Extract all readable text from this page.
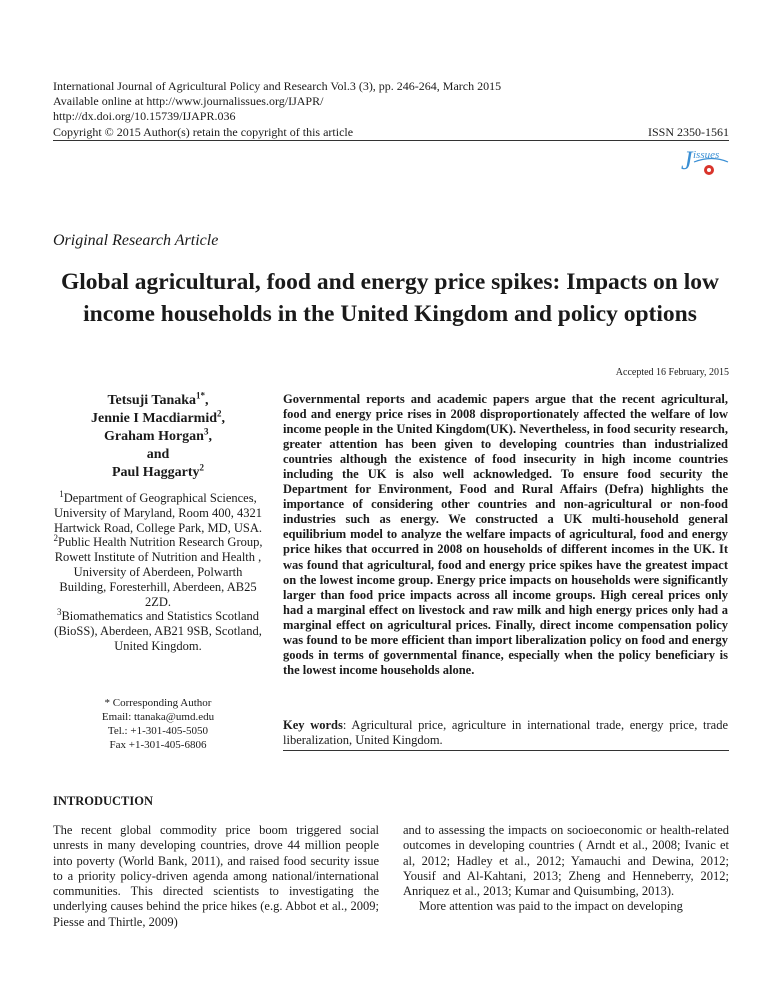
International Journal of Agricultural Policy and Research Vol.3 (3), pp. 246-264, March 2015
Available online at http://www.journalissues.org/IJAPR/
http://dx.doi.org/10.15739/IJAPR.036
Copyright © 2015 Author(s) retain the copyright of this article	ISSN 2350-1561
J issues
Original Research Article
Global agricultural, food and energy price spikes: Impacts on low income households in the United Kingdom and policy options
Accepted 16 February, 2015
Tetsuji Tanaka$^{1*}$,
Jennie I Macdiarmid$^2$,
Graham Horgan$^3$,
and
Paul Haggarty$^2$
$^1$Department of Geographical Sciences, University of Maryland, Room 400, 4321 Hartwick Road, College Park, MD, USA.
$^2$Public Health Nutrition Research Group, Rowett Institute of Nutrition and Health , University of Aberdeen, Polwarth Building, Foresterhill, Aberdeen, AB25 2ZD.
$^3$Biomathematics and Statistics Scotland (BioSS), Aberdeen, AB21 9SB, Scotland, United Kingdom.
* Corresponding Author
Email: ttanaka@umd.edu
Tel.: +1-301-405-5050
Fax +1-301-405-6806
Governmental reports and academic papers argue that the recent agricultural, food and energy price rises in 2008 disproportionately affected the welfare of low income people in the United Kingdom(UK). Nevertheless, in food security research, greater attention has been given to developing countries than industrialized countries although the existence of food insecurity in high income countries including the UK is also well acknowledged. To ensure food security the Department for Environment, Food and Rural Affairs (Defra) highlights the importance of considering other countries and non-agricultural or non-food industries such as energy. We constructed a UK multi-household general equilibrium model to analyze the welfare impacts of agricultural, food and energy price hikes that occurred in 2008 on households of different incomes in the UK. It was found that agricultural, food and energy price spikes have the greatest impact on the lowest income group. Energy price impacts on households were significantly larger than food price impacts across all income groups. High cereal prices only had a marginal effect on livestock and raw milk and high energy prices only had a marginal effect on agricultural prices. Finally, direct income compensation policy was found to be more efficient than import liberalization policy on food and energy goods in terms of governmental finance, especially when the policy beneficiary is the lowest income households alone.
Key words: Agricultural price, agriculture in international trade, energy price, trade liberalization, United Kingdom.
INTRODUCTION

The recent global commodity price boom triggered social unrests in many developing countries, drove 44 million people into poverty (World Bank, 2011), and raised food security issue to a priority policy-driven agenda among national/international communities. This directed scientists to investigating the underlying causes behind the price hikes (e.g. Abbot et al., 2009; Piesse and Thirtle, 2009)

and to assessing the impacts on socioeconomic or health-related outcomes in developing countries ( Arndt et al., 2008; Ivanic et al, 2012; Hadley et al., 2012; Yamauchi and Dewina, 2012; Yousif and Al-Kahtani, 2013; Zheng and Henneberry, 2012; Anriquez et al., 2013; Kumar and Quisumbing, 2013).

More attention was paid to the impact on developing
